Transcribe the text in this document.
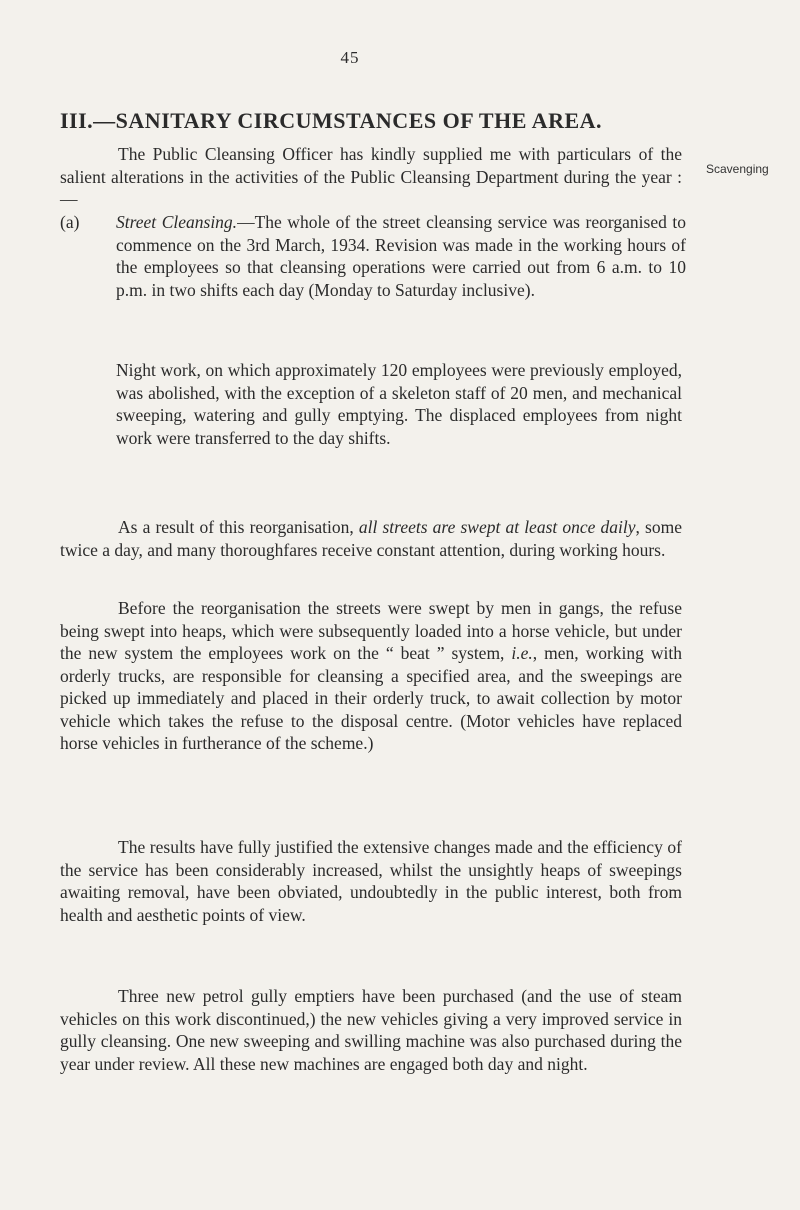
45
III.—SANITARY CIRCUMSTANCES OF THE AREA.
Scavenging

The Public Cleansing Officer has kindly supplied me with particulars of the salient alterations in the activities of the Public Cleansing Department during the year :—

(a)	Street Cleansing.—The whole of the street cleansing service was reorganised to commence on the 3rd March, 1934. Revision was made in the working hours of the employees so that cleansing operations were carried out from 6 a.m. to 10 p.m. in two shifts each day (Monday to Saturday inclusive).

Night work, on which approximately 120 employees were previously employed, was abolished, with the exception of a skeleton staff of 20 men, and mechanical sweeping, watering and gully emptying. The displaced employees from night work were transferred to the day shifts.

As a result of this reorganisation, all streets are swept at least once daily, some twice a day, and many thoroughfares receive constant attention, during working hours.

Before the reorganisation the streets were swept by men in gangs, the refuse being swept into heaps, which were subsequently loaded into a horse vehicle, but under the new system the employees work on the “ beat ” system, i.e., men, working with orderly trucks, are responsible for cleansing a specified area, and the sweepings are picked up immediately and placed in their orderly truck, to await collection by motor vehicle which takes the refuse to the disposal centre. (Motor vehicles have replaced horse vehicles in furtherance of the scheme.)

The results have fully justified the extensive changes made and the efficiency of the service has been considerably increased, whilst the unsightly heaps of sweepings awaiting removal, have been obviated, undoubtedly in the public interest, both from health and aesthetic points of view.

Three new petrol gully emptiers have been purchased (and the use of steam vehicles on this work discontinued,) the new vehicles giving a very improved service in gully cleansing. One new sweeping and swilling machine was also purchased during the year under review. All these new machines are engaged both day and night.
